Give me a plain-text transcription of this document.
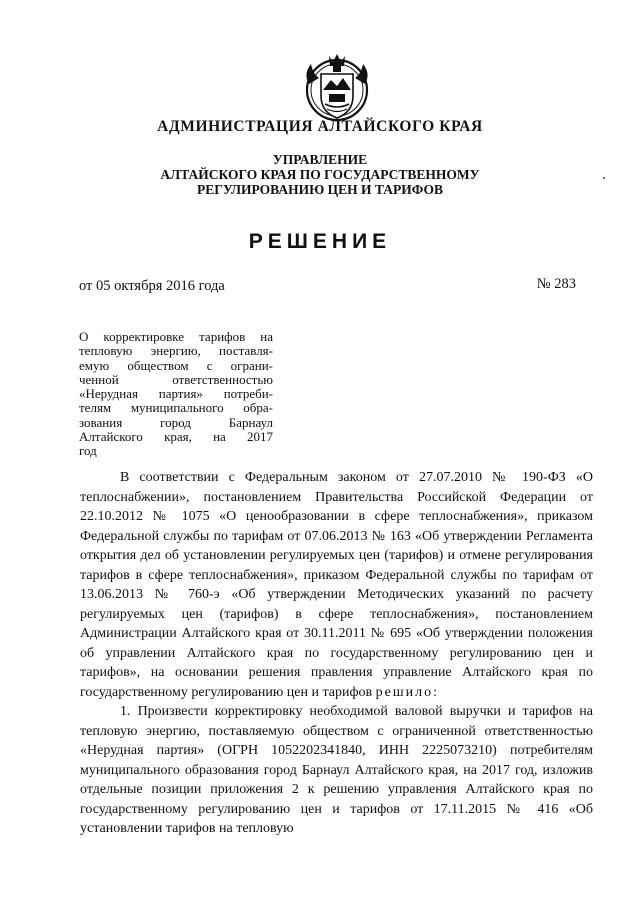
АДМИНИСТРАЦИЯ АЛТАЙСКОГО КРАЯ
УПРАВЛЕНИЕ
АЛТАЙСКОГО КРАЯ ПО ГОСУДАРСТВЕННОМУ
РЕГУЛИРОВАНИЮ ЦЕН И ТАРИФОВ
РЕШЕНИЕ
от 05 октября 2016 года	№ 283
О корректировке тарифов на
тепловую энергию, поставля-
емую обществом с ограни-
ченной ответственностью
«Нерудная партия» потреби-
телям муниципального обра-
зования город Барнаул
Алтайского края, на 2017
год

В соответствии с Федеральным законом от 27.07.2010 № 190-ФЗ «О теплоснабжении», постановлением Правительства Российской Федерации от 22.10.2012 № 1075 «О ценообразовании в сфере теплоснабжения», приказом Федеральной службы по тарифам от 07.06.2013 № 163 «Об утверждении Регламента открытия дел об установлении регулируемых цен (тарифов) и отмене регулирования тарифов в сфере теплоснабжения», приказом Федеральной службы по тарифам от 13.06.2013 № 760-э «Об утверждении Методических указаний по расчету регулируемых цен (тарифов) в сфере теплоснабжения», постановлением Администрации Алтайского края от 30.11.2011 № 695 «Об утверждении положения об управлении Алтайского края по государственному регулированию цен и тарифов», на основании решения правления управление Алтайского края по государственному регулированию цен и тарифов решило:

1. Произвести корректировку необходимой валовой выручки и тарифов на тепловую энергию, поставляемую обществом с ограниченной ответственностью «Нерудная партия» (ОГРН 1052202341840, ИНН 2225073210) потребителям муниципального образования город Барнаул Алтайского края, на 2017 год, изложив отдельные позиции приложения 2 к решению управления Алтайского края по государственному регулированию цен и тарифов от 17.11.2015 № 416 «Об установлении тарифов на тепловую
